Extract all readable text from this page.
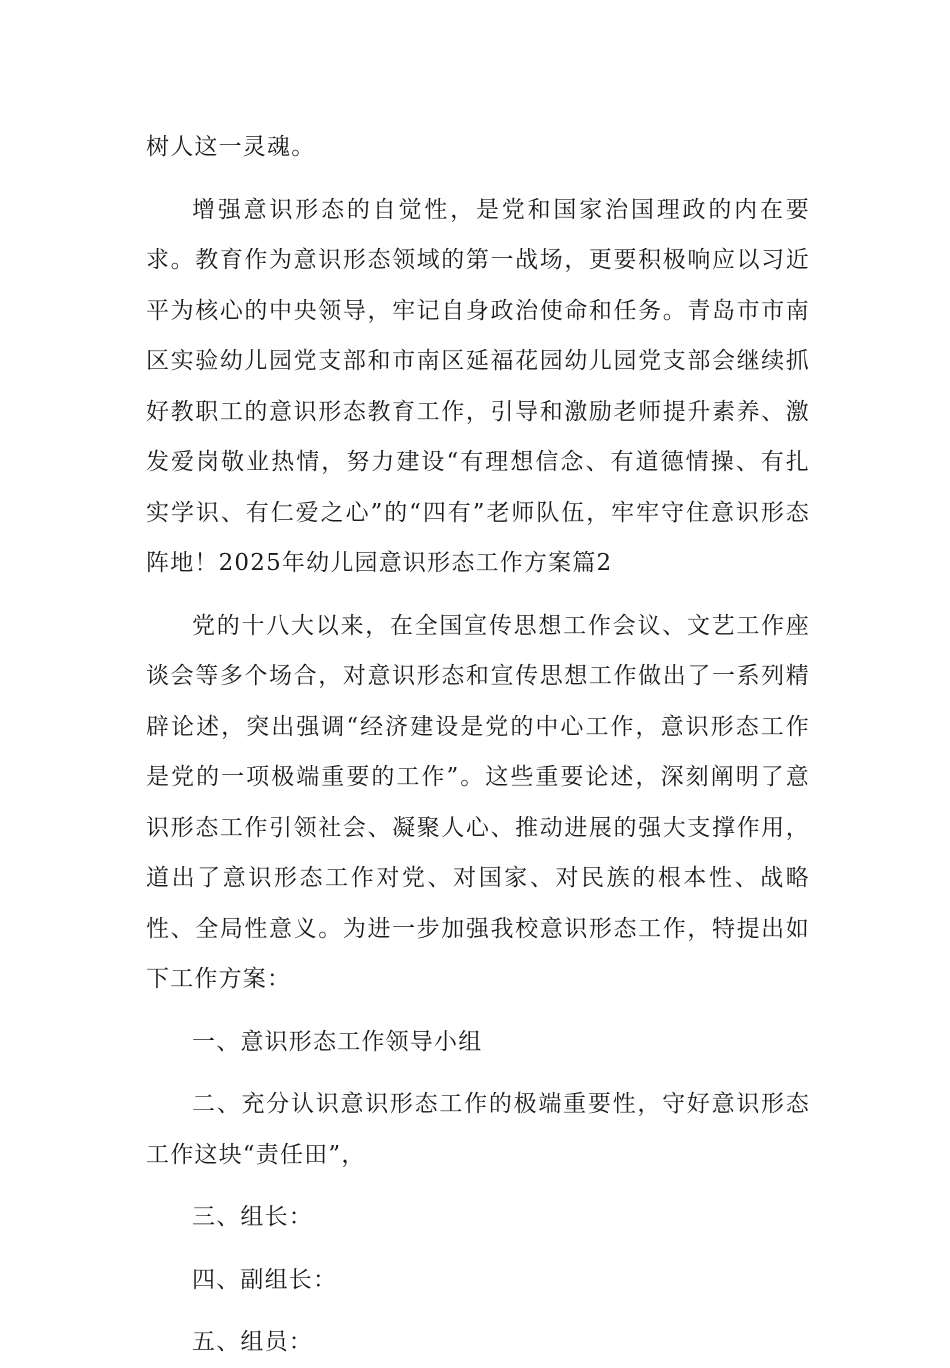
树人这一灵魂。

增强意识形态的自觉性，是党和国家治国理政的内在要求。教育作为意识形态领域的第一战场，更要积极响应以习近平为核心的中央领导，牢记自身政治使命和任务。青岛市市南区实验幼儿园党支部和市南区延福花园幼儿园党支部会继续抓好教职工的意识形态教育工作，引导和激励老师提升素养、激发爱岗敬业热情，努力建设“有理想信念、有道德情操、有扎实学识、有仁爱之心”的“四有”老师队伍，牢牢守住意识形态阵地！2025年幼儿园意识形态工作方案篇2

党的十八大以来，在全国宣传思想工作会议、文艺工作座谈会等多个场合，对意识形态和宣传思想工作做出了一系列精辟论述，突出强调“经济建设是党的中心工作，意识形态工作是党的一项极端重要的工作”。这些重要论述，深刻阐明了意识形态工作引领社会、凝聚人心、推动进展的强大支撑作用，道出了意识形态工作对党、对国家、对民族的根本性、战略性、全局性意义。为进一步加强我校意识形态工作，特提出如下工作方案：

一、意识形态工作领导小组

二、充分认识意识形态工作的极端重要性，守好意识形态工作这块“责任田”，

三、组长：

四、副组长：

五、组员：
